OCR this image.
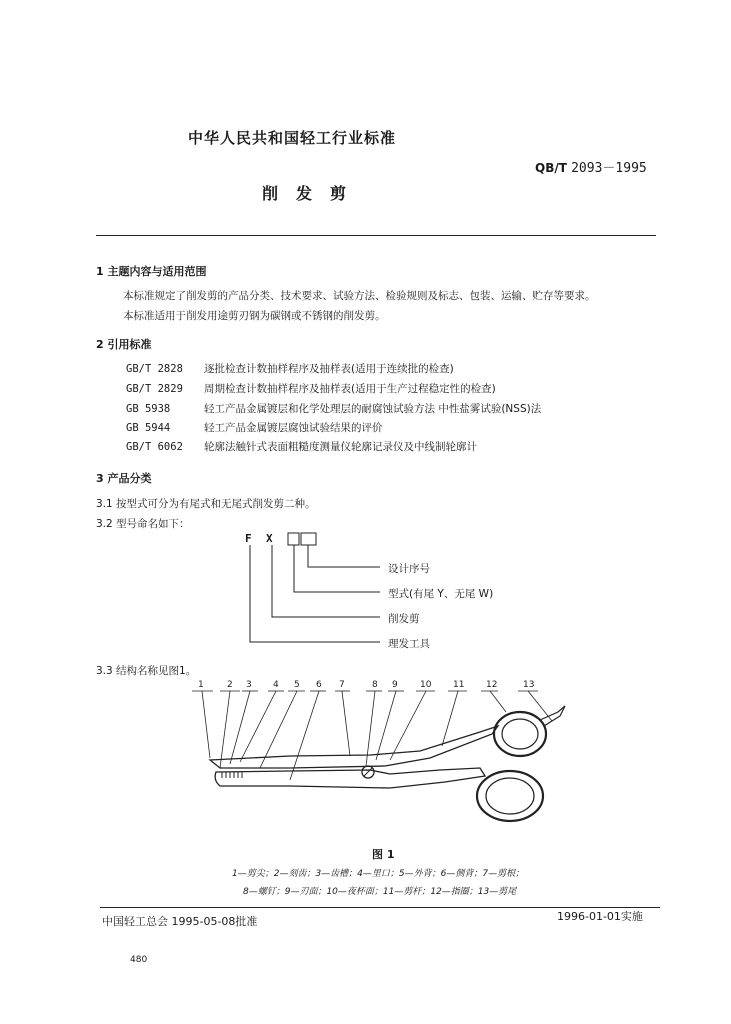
中华人民共和国轻工行业标准
QB/T 2093－1995
削发剪
1 主题内容与适用范围
本标准规定了削发剪的产品分类、技术要求、试验方法、检验规则及标志、包装、运输、贮存等要求。
本标准适用于削发用途剪刃钢为碳钢或不锈钢的削发剪。
2 引用标准
GB/T 2828 逐批检查计数抽样程序及抽样表(适用于连续批的检查)
GB/T 2829 周期检查计数抽样程序及抽样表(适用于生产过程稳定性的检查)
GB 5938	轻工产品金属镀层和化学处理层的耐腐蚀试验方法 中性盐雾试验(NSS)法
GB 5944	轻工产品金属镀层腐蚀试验结果的评价
GB/T 6062 轮廓法触针式表面粗糙度测量仪轮廓记录仪及中线制轮廓计
3 产品分类
3.1 按型式可分为有尾式和无尾式削发剪二种。
3.2 型号命名如下：
F X
设计序号
型式(有尾 Y、无尾 W)
削发剪
理发工具
3.3 结构名称见图1。
1	2 3 4 5 6 7	8 9 10 11 12	13
图 1
1—剪尖；2—刻齿；3—齿槽；4—里口；5—外背；6—侧背；7—剪根；
8—螺钉；9—刃面；10—夜杯面；11—剪杆；12—指圈；13—剪尾
中国轻工总会 1995-05-08批准	1996-01-01实施
480
